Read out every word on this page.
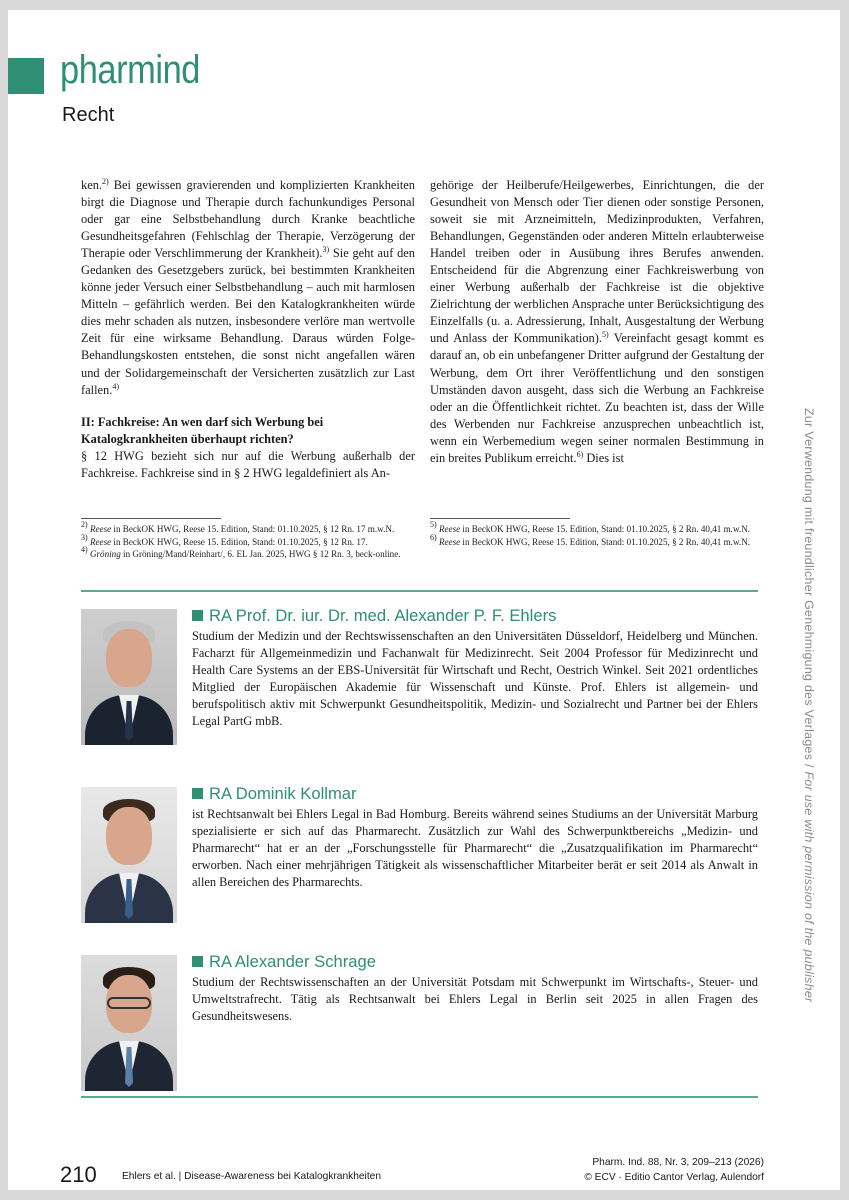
pharmind
Recht

ken.$^{2)}$ Bei gewissen gravierenden und komplizierten Krankheiten birgt die Diagnose und Therapie durch fachunkundiges Personal oder gar eine Selbstbehandlung durch Kranke beachtliche Gesundheitsgefahren (Fehlschlag der Therapie, Verzögerung der Therapie oder Verschlimmerung der Krankheit).$^{3)}$ Sie geht auf den Gedanken des Gesetzgebers zurück, bei bestimmten Krankheiten könne jeder Versuch einer Selbstbehandlung – auch mit harmlosen Mitteln – gefährlich werden. Bei den Katalogkrankheiten würde dies mehr schaden als nutzen, insbesondere verlöre man wertvolle Zeit für eine wirksame Behandlung. Daraus würden Folge-Behandlungskosten entstehen, die sonst nicht angefallen wären und der Solidargemeinschaft der Versicherten zusätzlich zur Last fallen.$^{4)}$

II: Fachkreise: An wen darf sich Werbung bei Katalogkrankheiten überhaupt richten?

§ 12 HWG bezieht sich nur auf die Werbung außerhalb der Fachkreise. Fachkreise sind in § 2 HWG legaldefiniert als An-

gehörige der Heilberufe/Heilgewerbes, Einrichtungen, die der Gesundheit von Mensch oder Tier dienen oder sonstige Personen, soweit sie mit Arzneimitteln, Medizinprodukten, Verfahren, Behandlungen, Gegenständen oder anderen Mitteln erlaubterweise Handel treiben oder in Ausübung ihres Berufes anwenden. Entscheidend für die Abgrenzung einer Fachkreiswerbung von einer Werbung außerhalb der Fachkreise ist die objektive Zielrichtung der werblichen Ansprache unter Berücksichtigung des Einzelfalls (u. a. Adressierung, Inhalt, Ausgestaltung der Werbung und Anlass der Kommunikation).$^{5)}$ Vereinfacht gesagt kommt es darauf an, ob ein unbefangener Dritter aufgrund der Gestaltung der Werbung, dem Ort ihrer Veröffentlichung und den sonstigen Umständen davon ausgeht, dass sich die Werbung an Fachkreise oder an die Öffentlichkeit richtet. Zu beachten ist, dass der Wille des Werbenden nur Fachkreise anzusprechen unbeachtlich ist, wenn ein Werbemedium wegen seiner normalen Bestimmung in ein breites Publikum erreicht.$^{6)}$ Dies ist

$^{2)}$ Reese in BeckOK HWG, Reese 15. Edition, Stand: 01.10.2025, § 12 Rn. 17 m.w.N.

$^{3)}$ Reese in BeckOK HWG, Reese 15. Edition, Stand: 01.10.2025, § 12 Rn. 17.

$^{4)}$ Gröning in Gröning/Mand/Reinhart/, 6. EL Jan. 2025, HWG § 12 Rn. 3, beck-online.

$^{5)}$ Reese in BeckOK HWG, Reese 15. Edition, Stand: 01.10.2025, § 2 Rn. 40,41 m.w.N.

$^{6)}$ Reese in BeckOK HWG, Reese 15. Edition, Stand: 01.10.2025, § 2 Rn. 40,41 m.w.N.

RA Prof. Dr. iur. Dr. med. Alexander P. F. Ehlers
Studium der Medizin und der Rechtswissenschaften an den Universitäten Düsseldorf, Heidelberg und München. Facharzt für Allgemeinmedizin und Fachanwalt für Medizinrecht. Seit 2004 Professor für Medizinrecht und Health Care Systems an der EBS-Universität für Wirtschaft und Recht, Oestrich Winkel. Seit 2021 ordentliches Mitglied der Europäischen Akademie für Wissenschaft und Künste. Prof. Ehlers ist allgemein- und berufspolitisch aktiv mit Schwerpunkt Gesundheitspolitik, Medizin- und Sozialrecht und Partner bei der Ehlers Legal PartG mbB.
RA Dominik Kollmar
ist Rechtsanwalt bei Ehlers Legal in Bad Homburg. Bereits während seines Studiums an der Universität Marburg spezialisierte er sich auf das Pharmarecht. Zusätzlich zur Wahl des Schwerpunktbereichs „Medizin- und Pharmarecht“ hat er an der „Forschungsstelle für Pharmarecht“ die „Zusatzqualifikation im Pharmarecht“ erworben. Nach einer mehrjährigen Tätigkeit als wissenschaftlicher Mitarbeiter berät er seit 2014 als Anwalt in allen Bereichen des Pharmarechts.
RA Alexander Schrage
Studium der Rechtswissenschaften an der Universität Potsdam mit Schwerpunkt im Wirtschafts-, Steuer- und Umweltstrafrecht. Tätig als Rechtsanwalt bei Ehlers Legal in Berlin seit 2025 in allen Fragen des Gesundheitswesens.
Zur Verwendung mit freundlicher Genehmigung des Verlages / For use with permission of the publisher
210 Ehlers et al. | Disease-Awareness bei Katalogkrankheiten
Pharm. Ind. 88, Nr. 3, 209–213 (2026)
© ECV · Editio Cantor Verlag, Aulendorf
